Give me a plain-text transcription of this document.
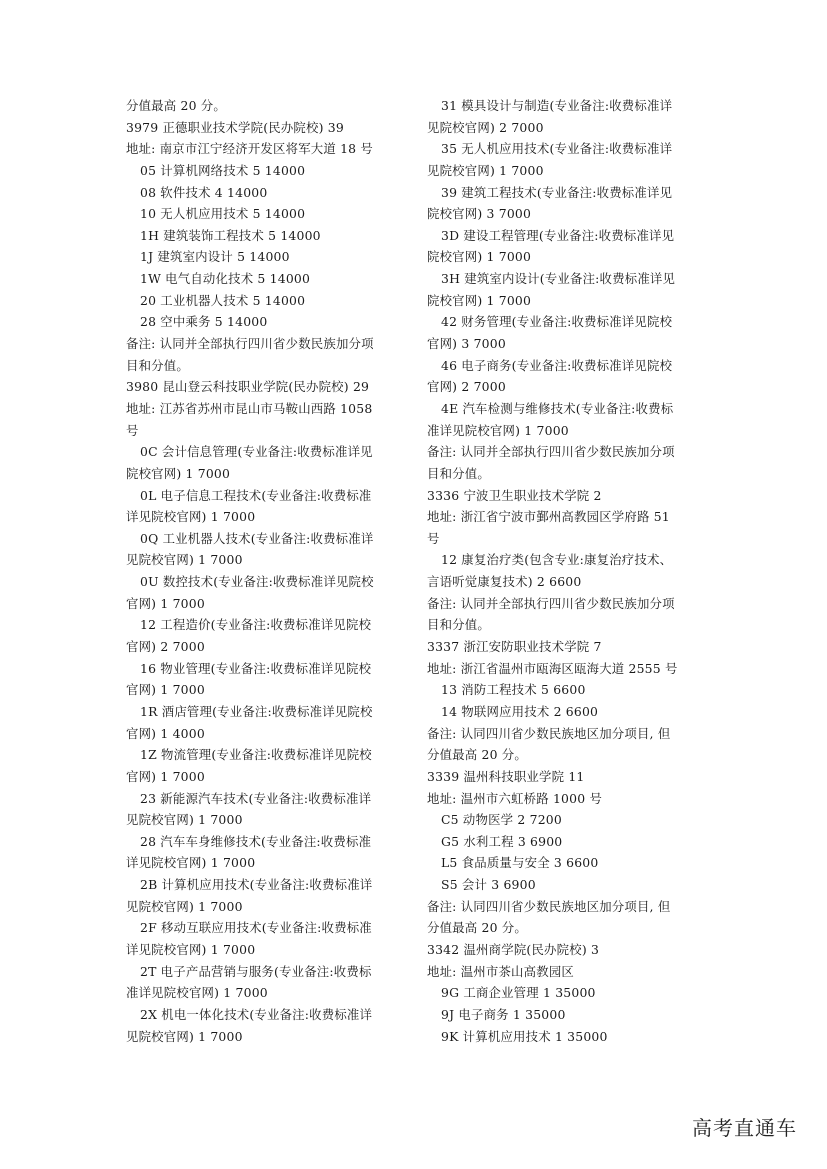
分值最高 20 分。
3979 正德职业技术学院(民办院校) 39
地址: 南京市江宁经济开发区将军大道 18 号
05 计算机网络技术 5 14000
08 软件技术 4 14000
10 无人机应用技术 5 14000
1H 建筑装饰工程技术 5 14000
1J 建筑室内设计 5 14000
1W 电气自动化技术 5 14000
20 工业机器人技术 5 14000
28 空中乘务 5 14000
备注: 认同并全部执行四川省少数民族加分项
目和分值。
3980 昆山登云科技职业学院(民办院校) 29
地址: 江苏省苏州市昆山市马鞍山西路 1058
号
0C 会计信息管理(专业备注:收费标准详见
院校官网) 1 7000
0L 电子信息工程技术(专业备注:收费标准
详见院校官网) 1 7000
0Q 工业机器人技术(专业备注:收费标准详
见院校官网) 1 7000
0U 数控技术(专业备注:收费标准详见院校
官网) 1 7000
12 工程造价(专业备注:收费标准详见院校
官网) 2 7000
16 物业管理(专业备注:收费标准详见院校
官网) 1 7000
1R 酒店管理(专业备注:收费标准详见院校
官网) 1 4000
1Z 物流管理(专业备注:收费标准详见院校
官网) 1 7000
23 新能源汽车技术(专业备注:收费标准详
见院校官网) 1 7000
28 汽车车身维修技术(专业备注:收费标准
详见院校官网) 1 7000
2B 计算机应用技术(专业备注:收费标准详
见院校官网) 1 7000
2F 移动互联应用技术(专业备注:收费标准
详见院校官网) 1 7000
2T 电子产品营销与服务(专业备注:收费标
准详见院校官网) 1 7000
2X 机电一体化技术(专业备注:收费标准详
见院校官网) 1 7000
31 模具设计与制造(专业备注:收费标准详
见院校官网) 2 7000
35 无人机应用技术(专业备注:收费标准详
见院校官网) 1 7000
39 建筑工程技术(专业备注:收费标准详见
院校官网) 3 7000
3D 建设工程管理(专业备注:收费标准详见
院校官网) 1 7000
3H 建筑室内设计(专业备注:收费标准详见
院校官网) 1 7000
42 财务管理(专业备注:收费标准详见院校
官网) 3 7000
46 电子商务(专业备注:收费标准详见院校
官网) 2 7000
4E 汽车检测与维修技术(专业备注:收费标
准详见院校官网) 1 7000
备注: 认同并全部执行四川省少数民族加分项
目和分值。
3336 宁波卫生职业技术学院 2
地址: 浙江省宁波市鄞州高教园区学府路 51
号
12 康复治疗类(包含专业:康复治疗技术、
言语听觉康复技术) 2 6600
备注: 认同并全部执行四川省少数民族加分项
目和分值。
3337 浙江安防职业技术学院 7
地址: 浙江省温州市瓯海区瓯海大道 2555 号
13 消防工程技术 5 6600
14 物联网应用技术 2 6600
备注: 认同四川省少数民族地区加分项目, 但
分值最高 20 分。
3339 温州科技职业学院 11
地址: 温州市六虹桥路 1000 号
C5 动物医学 2 7200
G5 水利工程 3 6900
L5 食品质量与安全 3 6600
S5 会计 3 6900
备注: 认同四川省少数民族地区加分项目, 但
分值最高 20 分。
3342 温州商学院(民办院校) 3
地址: 温州市茶山高教园区
9G 工商企业管理 1 35000
9J 电子商务 1 35000
9K 计算机应用技术 1 35000
高考直通车
